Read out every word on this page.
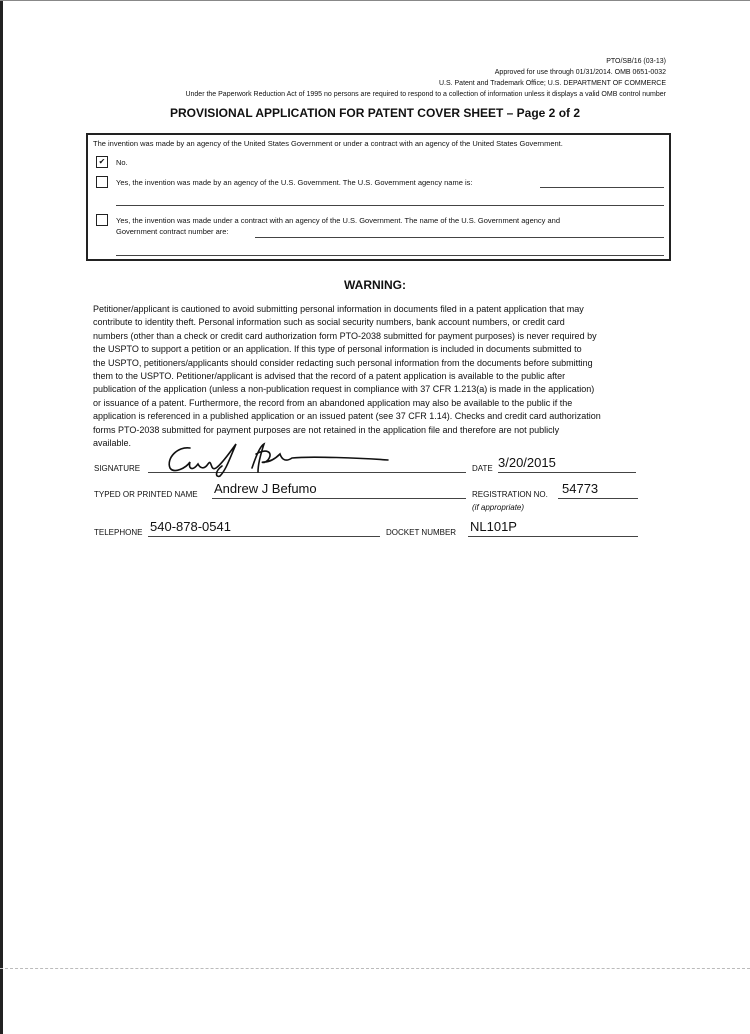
PTO/SB/16 (03-13)
Approved for use through 01/31/2014. OMB 0651-0032
U.S. Patent and Trademark Office; U.S. DEPARTMENT OF COMMERCE
Under the Paperwork Reduction Act of 1995 no persons are required to respond to a collection of information unless it displays a valid OMB control number
PROVISIONAL APPLICATION FOR PATENT COVER SHEET – Page 2 of 2
The invention was made by an agency of the United States Government or under a contract with an agency of the United States Government.
✔	No.
Yes, the invention was made by an agency of the U.S. Government. The U.S. Government agency name is:
Yes, the invention was made under a contract with an agency of the U.S. Government. The name of the U.S. Government agency and
Government contract number are:
WARNING:
Petitioner/applicant is cautioned to avoid submitting personal information in documents filed in a patent application that may
contribute to identity theft. Personal information such as social security numbers, bank account numbers, or credit card
numbers (other than a check or credit card authorization form PTO-2038 submitted for payment purposes) is never required by
the USPTO to support a petition or an application. If this type of personal information is included in documents submitted to
the USPTO, petitioners/applicants should consider redacting such personal information from the documents before submitting
them to the USPTO. Petitioner/applicant is advised that the record of a patent application is available to the public after
publication of the application (unless a non-publication request in compliance with 37 CFR 1.213(a) is made in the application)
or issuance of a patent. Furthermore, the record from an abandoned application may also be available to the public if the
application is referenced in a published application or an issued patent (see 37 CFR 1.14). Checks and credit card authorization
forms PTO-2038 submitted for payment purposes are not retained in the application file and therefore are not publicly
available.
SIGNATURE	DATE 3/20/2015
TYPED OR PRINTED NAME Andrew J Befumo	REGISTRATION NO. 54773
(if appropriate)
TELEPHONE 540-878-0541	DOCKET NUMBER NL101P
